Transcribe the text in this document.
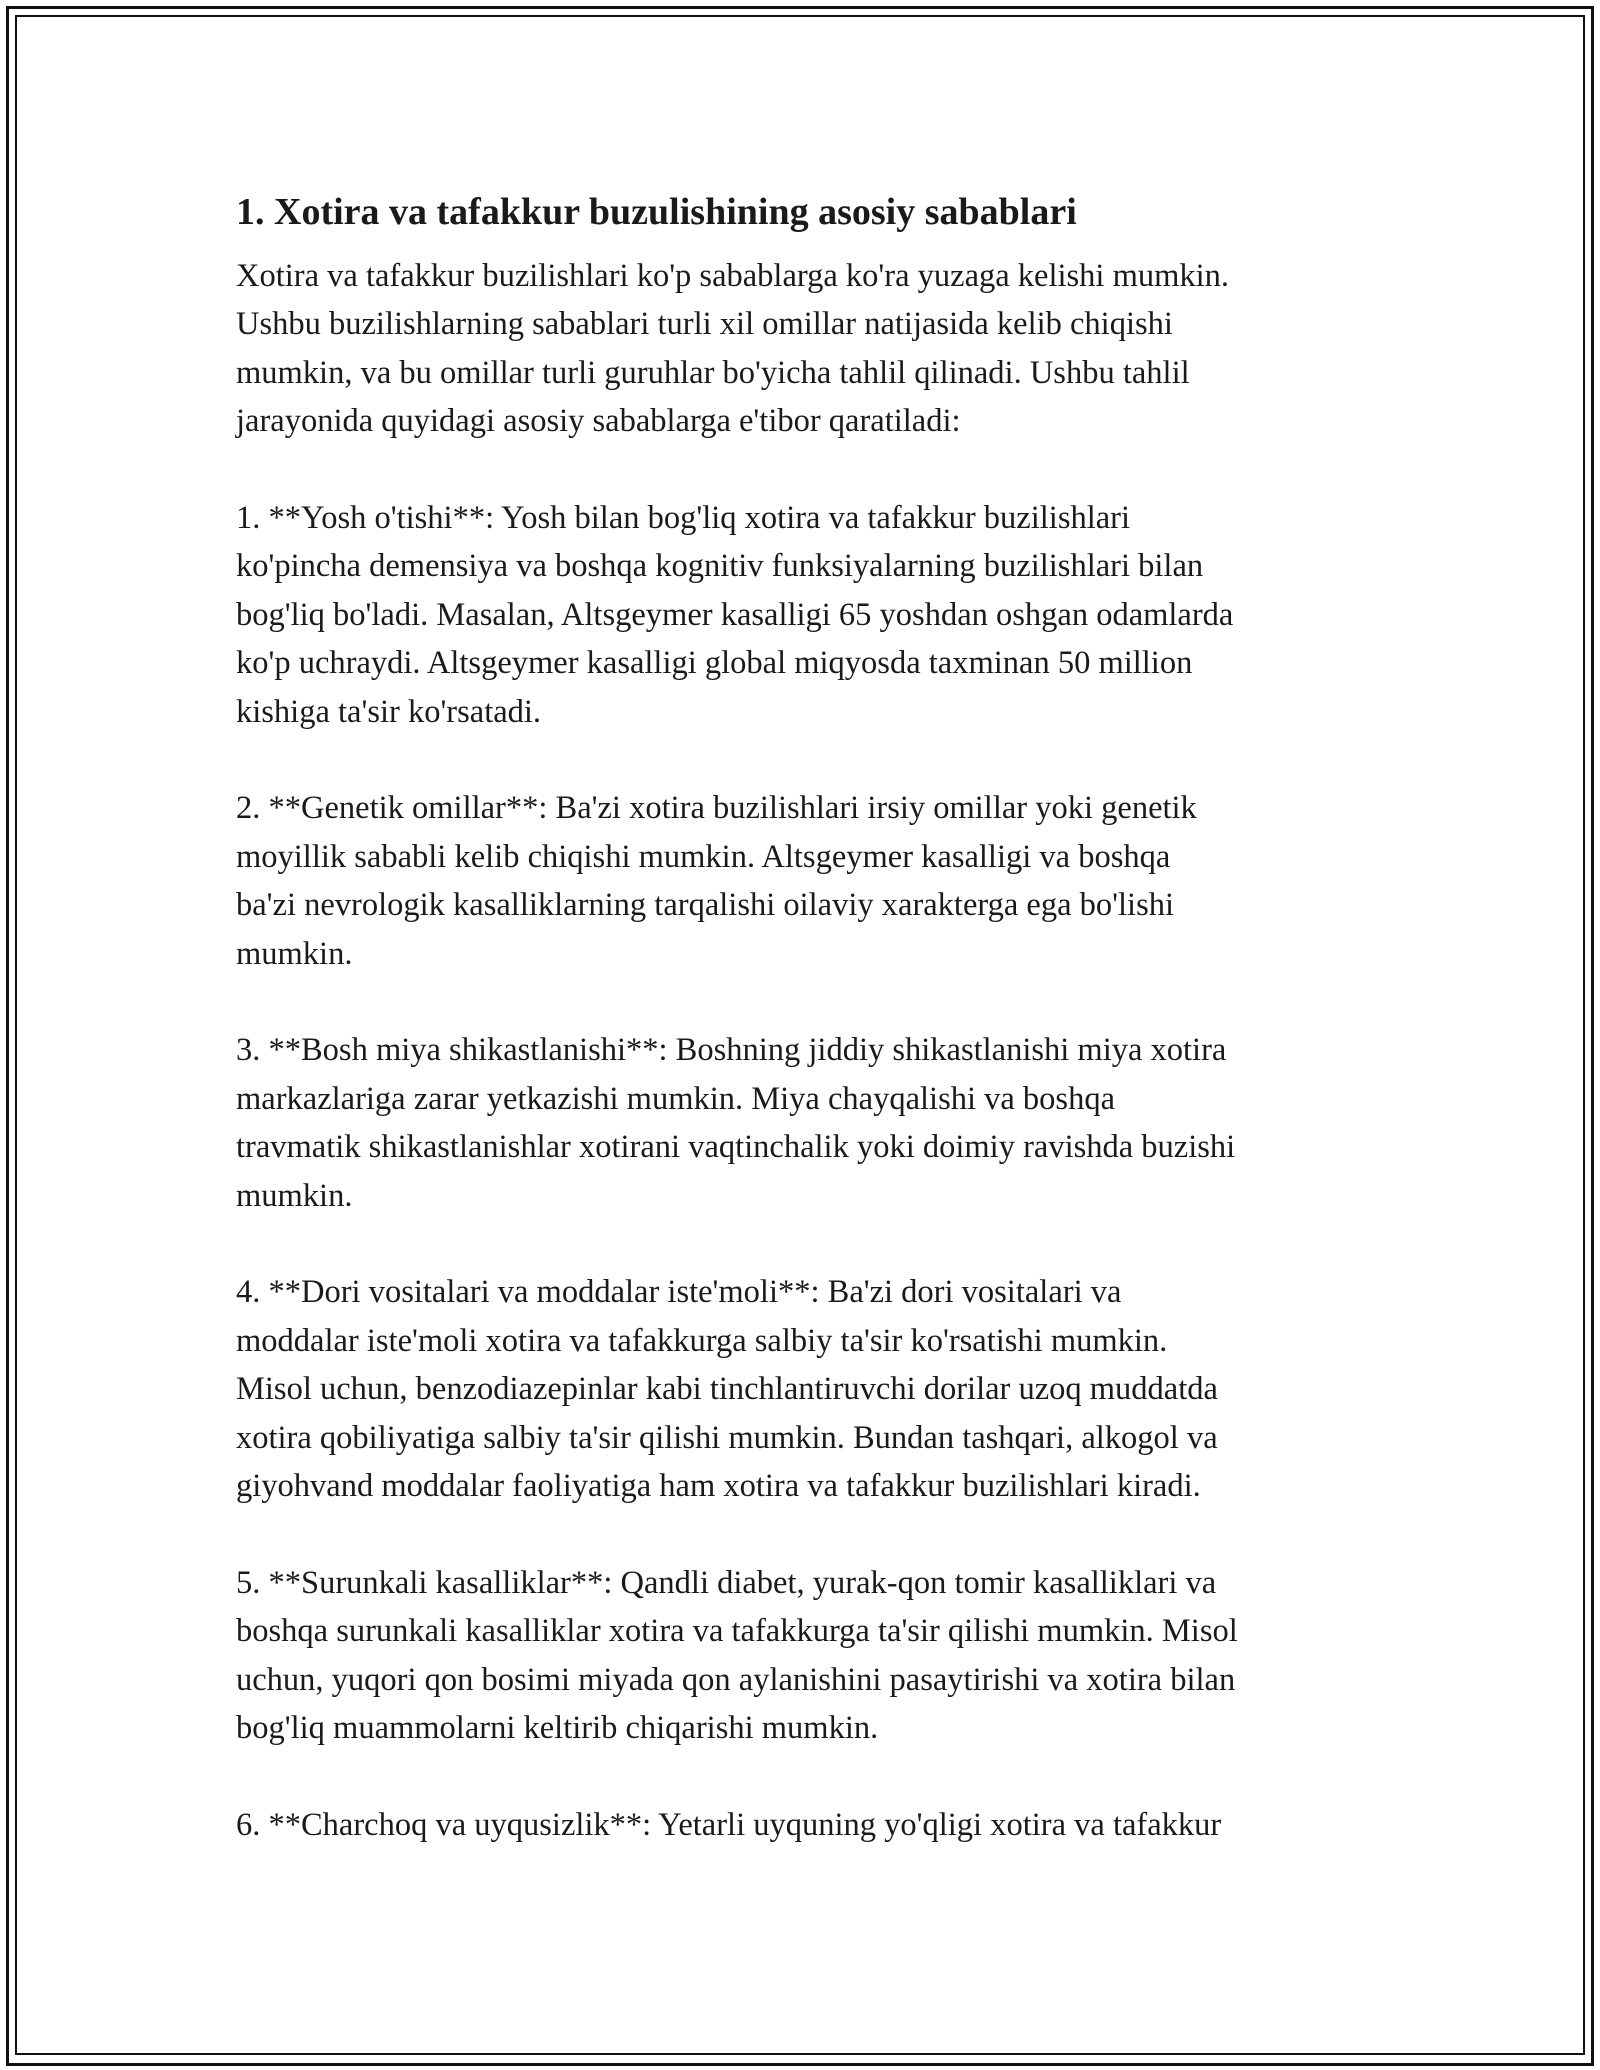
1. Xotira va tafakkur buzulishining asosiy sabablari

Xotira va tafakkur buzilishlari ko'p sabablarga ko'ra yuzaga kelishi mumkin.
Ushbu buzilishlarning sabablari turli xil omillar natijasida kelib chiqishi
mumkin, va bu omillar turli guruhlar bo'yicha tahlil qilinadi. Ushbu tahlil
jarayonida quyidagi asosiy sabablarga e'tibor qaratiladi:

1. **Yosh o'tishi**: Yosh bilan bog'liq xotira va tafakkur buzilishlari
ko'pincha demensiya va boshqa kognitiv funksiyalarning buzilishlari bilan
bog'liq bo'ladi. Masalan, Altsgeymer kasalligi 65 yoshdan oshgan odamlarda
ko'p uchraydi. Altsgeymer kasalligi global miqyosda taxminan 50 million
kishiga ta'sir ko'rsatadi.

2. **Genetik omillar**: Ba'zi xotira buzilishlari irsiy omillar yoki genetik
moyillik sababli kelib chiqishi mumkin. Altsgeymer kasalligi va boshqa
ba'zi nevrologik kasalliklarning tarqalishi oilaviy xarakterga ega bo'lishi
mumkin.

3. **Bosh miya shikastlanishi**: Boshning jiddiy shikastlanishi miya xotira
markazlariga zarar yetkazishi mumkin. Miya chayqalishi va boshqa
travmatik shikastlanishlar xotirani vaqtinchalik yoki doimiy ravishda buzishi
mumkin.

4. **Dori vositalari va moddalar iste'moli**: Ba'zi dori vositalari va
moddalar iste'moli xotira va tafakkurga salbiy ta'sir ko'rsatishi mumkin.
Misol uchun, benzodiazepinlar kabi tinchlantiruvchi dorilar uzoq muddatda
xotira qobiliyatiga salbiy ta'sir qilishi mumkin. Bundan tashqari, alkogol va
giyohvand moddalar faoliyatiga ham xotira va tafakkur buzilishlari kiradi.

5. **Surunkali kasalliklar**: Qandli diabet, yurak-qon tomir kasalliklari va
boshqa surunkali kasalliklar xotira va tafakkurga ta'sir qilishi mumkin. Misol
uchun, yuqori qon bosimi miyada qon aylanishini pasaytirishi va xotira bilan
bog'liq muammolarni keltirib chiqarishi mumkin.

6. **Charchoq va uyqusizlik**: Yetarli uyquning yo'qligi xotira va tafakkur
